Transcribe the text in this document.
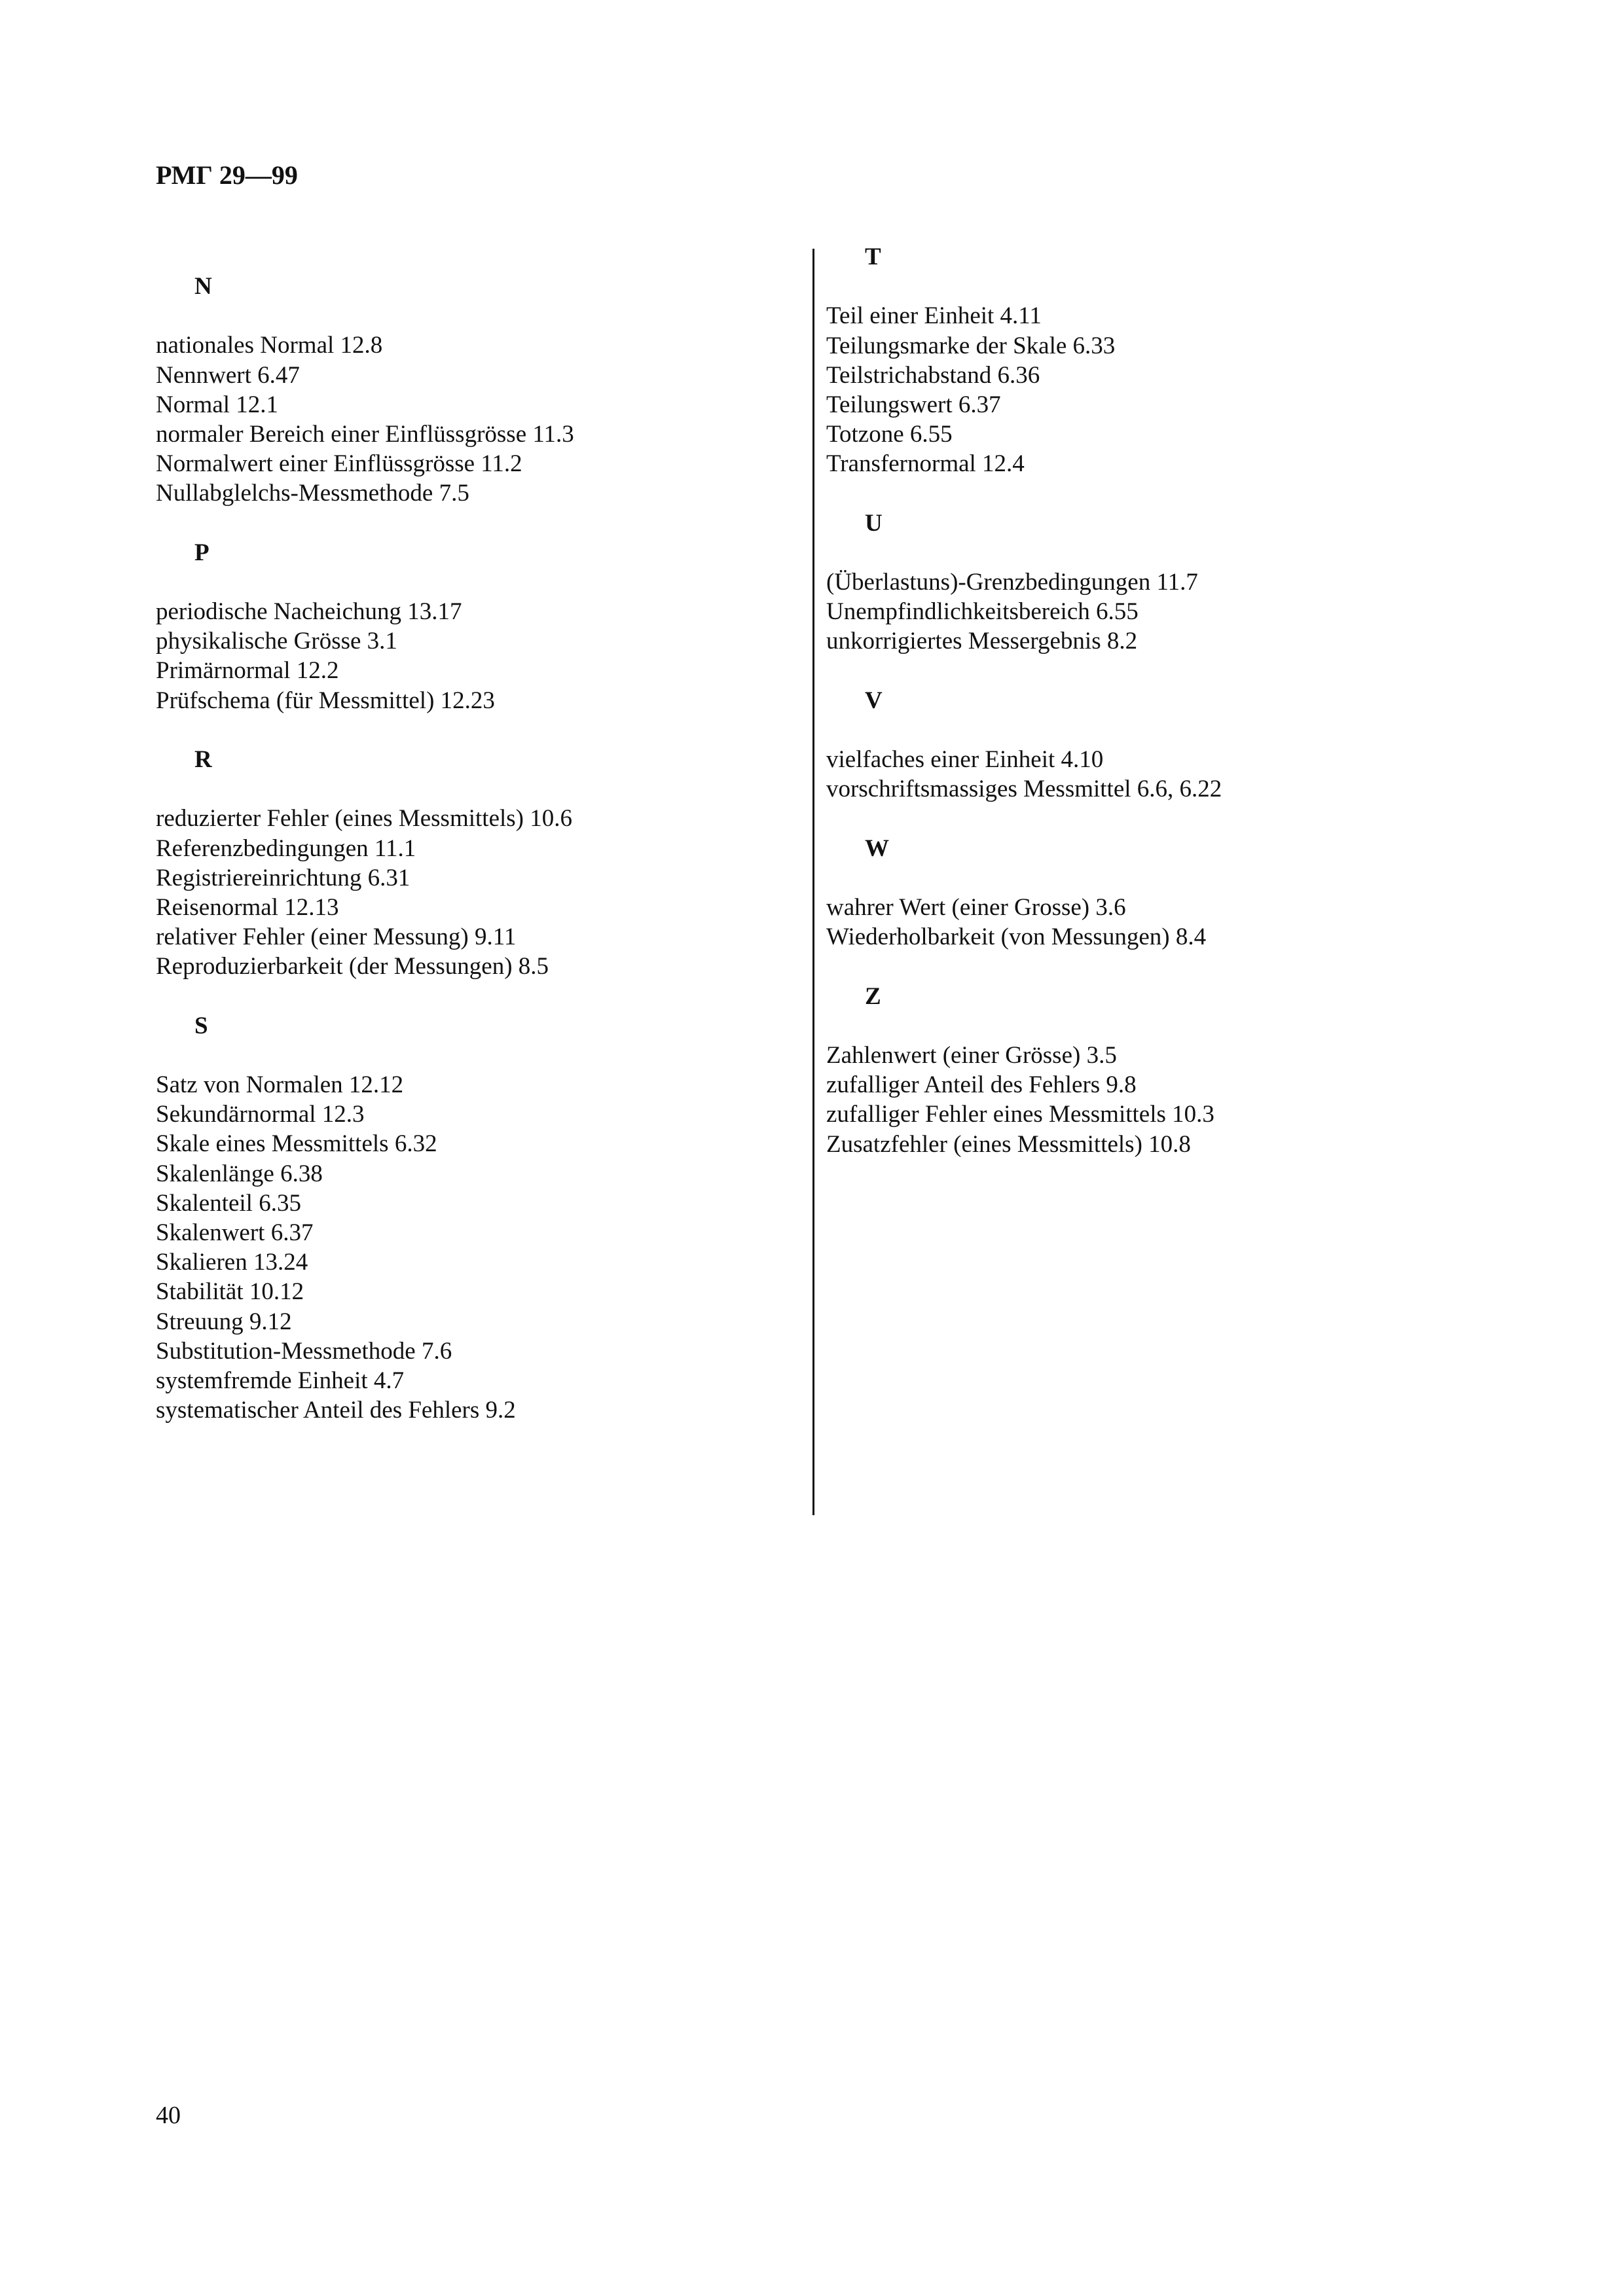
РМГ 29—99
N
nationales Normal 12.8
Nennwert 6.47
Normal 12.1
normaler Bereich einer Einflüssgrösse 11.3
Normalwert einer Einflüssgrösse 11.2
Nullabglelchs-Messmethode 7.5
P
periodische Nacheichung 13.17
physikalische Grösse 3.1
Primärnormal 12.2
Prüfschema (für Messmittel) 12.23
R
reduzierter Fehler (eines Messmittels) 10.6
Referenzbedingungen 11.1
Registriereinrichtung 6.31
Reisenormal 12.13
relativer Fehler (einer Messung) 9.11
Reproduzierbarkeit (der Messungen) 8.5
S
Satz von Normalen 12.12
Sekundärnormal 12.3
Skale eines Messmittels 6.32
Skalenlänge 6.38
Skalenteil 6.35
Skalenwert 6.37
Skalieren 13.24
Stabilität 10.12
Streuung 9.12
Substitution-Messmethode 7.6
systemfremde Einheit 4.7
systematischer Anteil des Fehlers 9.2
T
Teil einer Einheit 4.11
Teilungsmarke der Skale 6.33
Teilstrichabstand 6.36
Teilungswert 6.37
Totzone 6.55
Transfernormal 12.4
U
(Überlastuns)-Grenzbedingungen 11.7
Unempfindlichkeitsbereich 6.55
unkorrigiertes Messergebnis 8.2
V
vielfaches einer Einheit 4.10
vorschriftsmassiges Messmittel 6.6, 6.22
W
wahrer Wert (einer Grosse) 3.6
Wiederholbarkeit (von Messungen) 8.4
Z
Zahlenwert (einer Grösse) 3.5
zufalliger Anteil des Fehlers 9.8
zufalliger Fehler eines Messmittels 10.3
Zusatzfehler (eines Messmittels) 10.8
40
